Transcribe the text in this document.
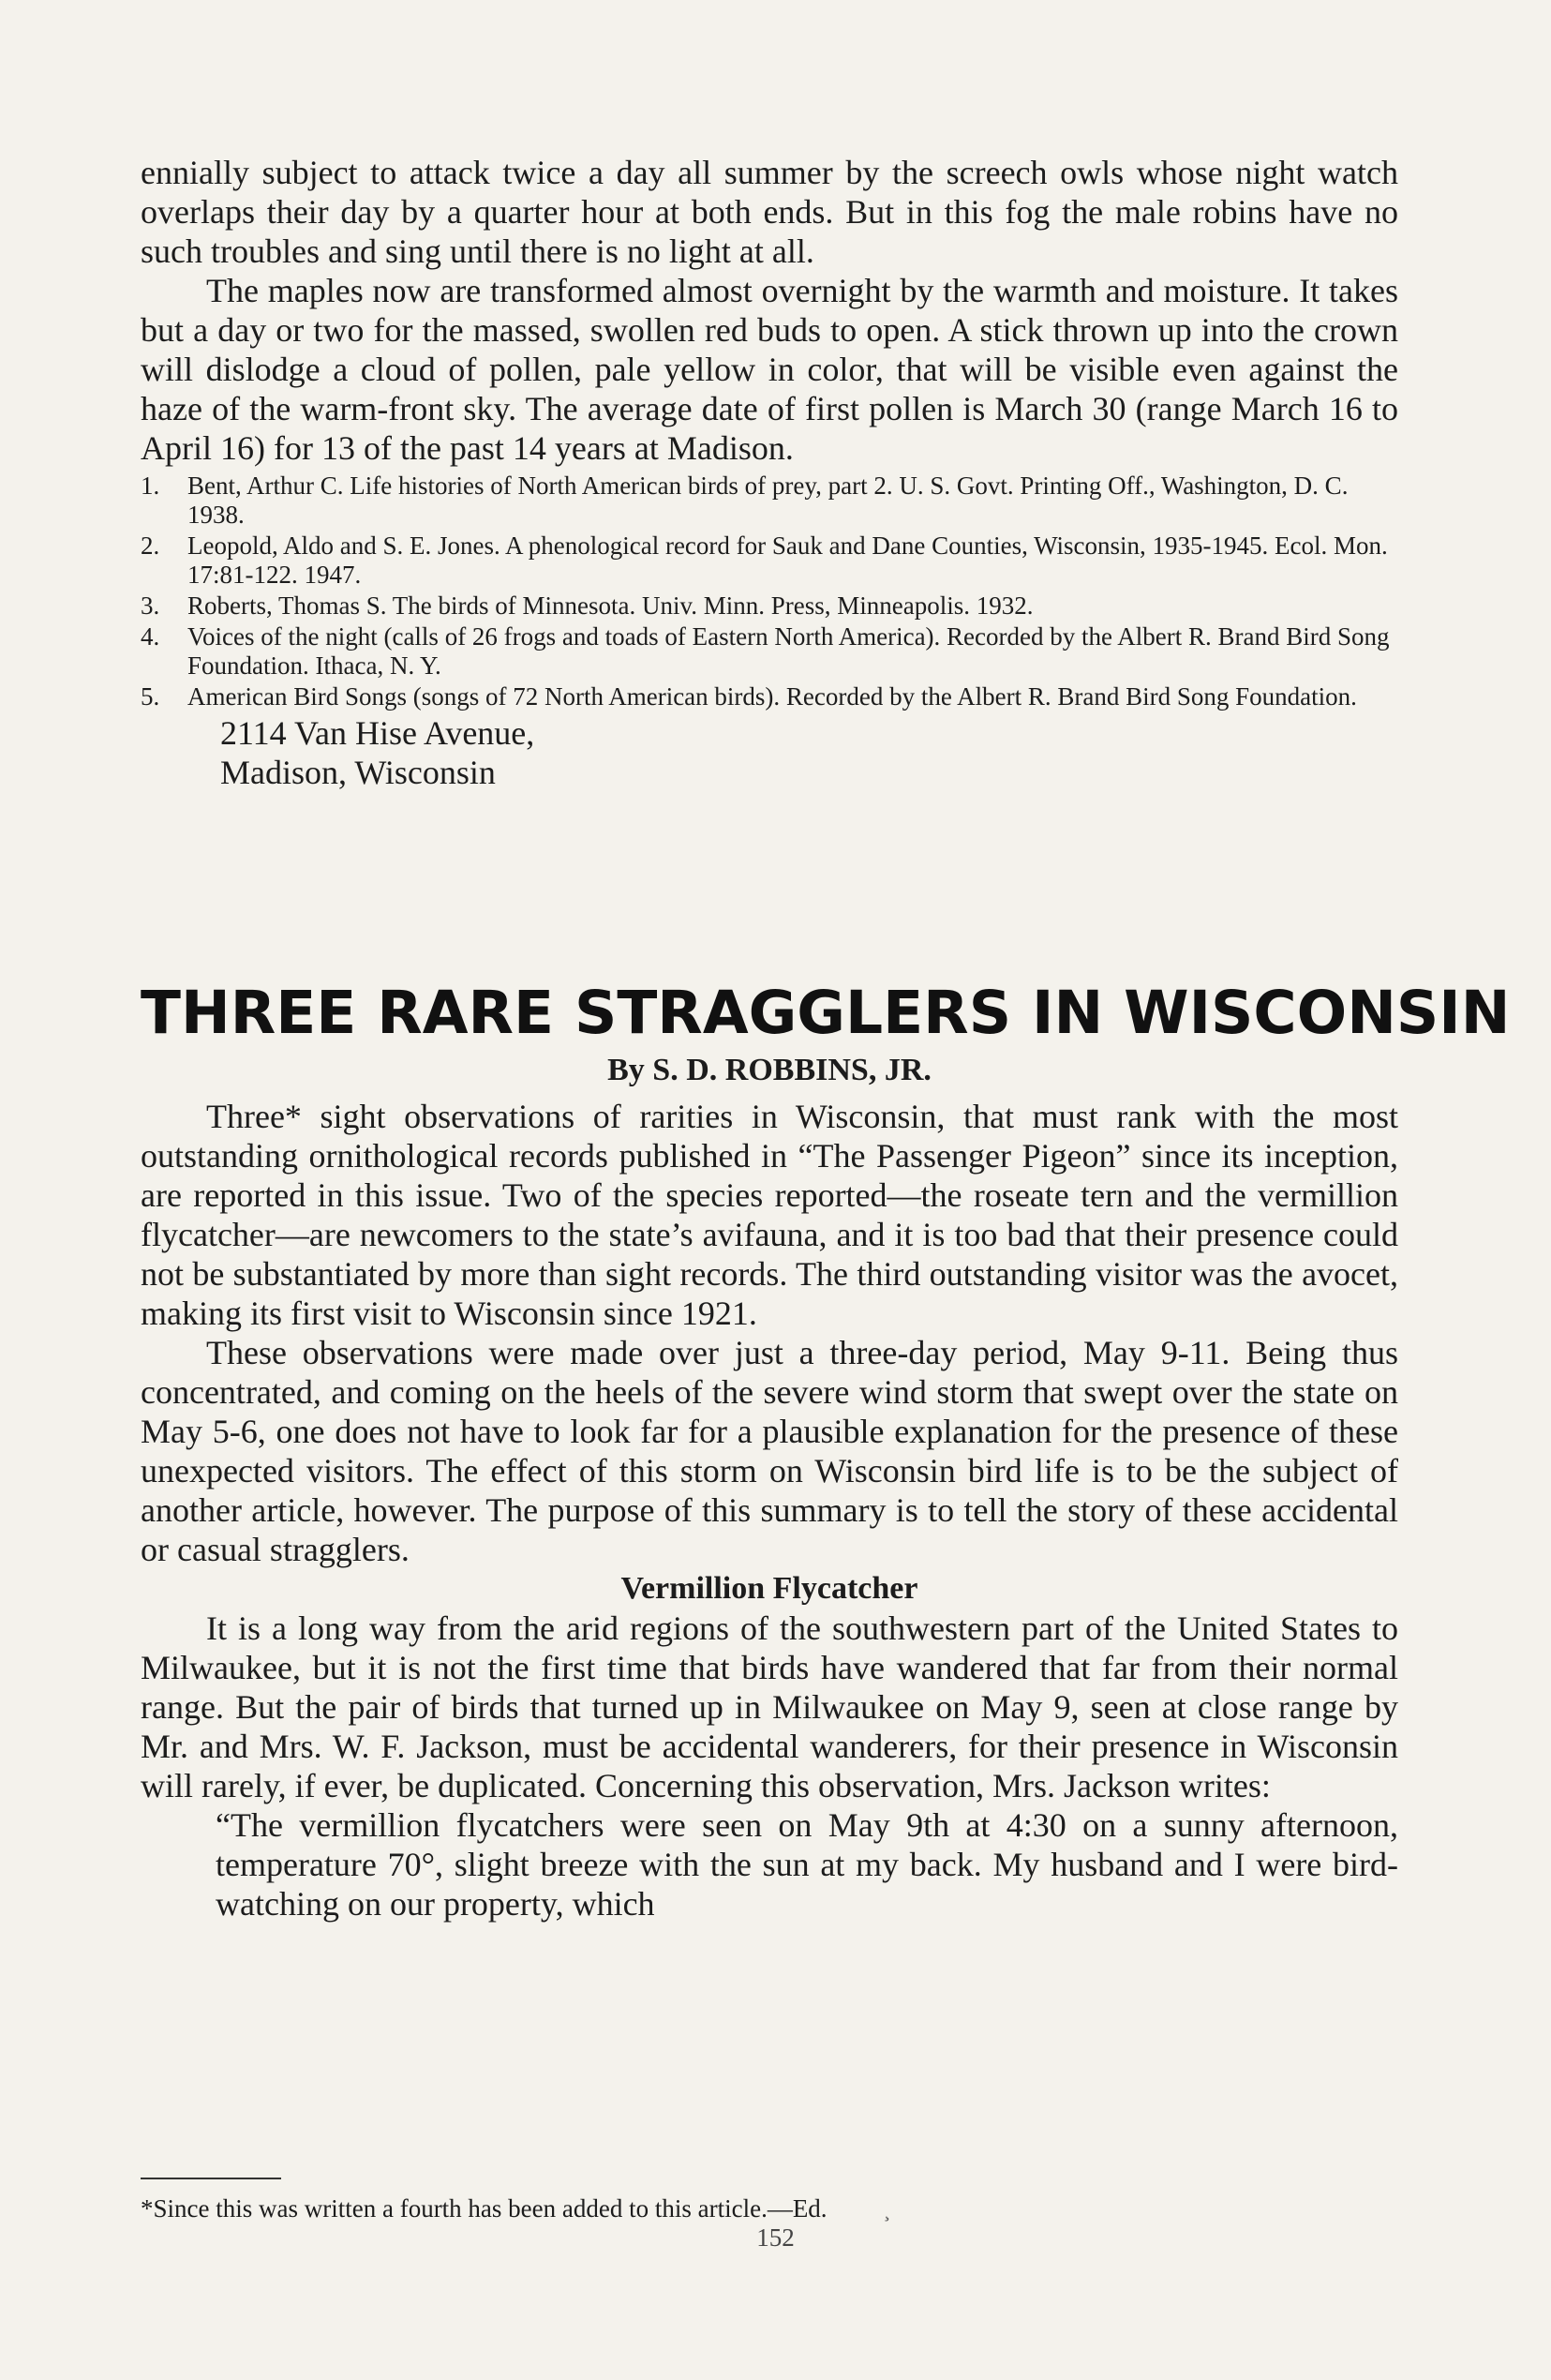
ennially subject to attack twice a day all summer by the screech owls whose night watch overlaps their day by a quarter hour at both ends. But in this fog the male robins have no such troubles and sing until there is no light at all.

The maples now are transformed almost overnight by the warmth and moisture. It takes but a day or two for the massed, swollen red buds to open. A stick thrown up into the crown will dislodge a cloud of pollen, pale yellow in color, that will be visible even against the haze of the warm-front sky. The average date of first pollen is March 30 (range March 16 to April 16) for 13 of the past 14 years at Madison.

1. Bent, Arthur C. Life histories of North American birds of prey, part 2. U. S. Govt. Printing Off., Washington, D. C. 1938.
2. Leopold, Aldo and S. E. Jones. A phenological record for Sauk and Dane Counties, Wisconsin, 1935-1945. Ecol. Mon. 17:81-122. 1947.
3. Roberts, Thomas S. The birds of Minnesota. Univ. Minn. Press, Minneapolis. 1932.
4. Voices of the night (calls of 26 frogs and toads of Eastern North America). Recorded by the Albert R. Brand Bird Song Foundation. Ithaca, N. Y.
5. American Bird Songs (songs of 72 North American birds). Recorded by the Albert R. Brand Bird Song Foundation.
2114 Van Hise Avenue,
Madison, Wisconsin
THREE RARE STRAGGLERS IN WISCONSIN
By S. D. ROBBINS, JR.

Three* sight observations of rarities in Wisconsin, that must rank with the most outstanding ornithological records published in “The Passenger Pigeon” since its inception, are reported in this issue. Two of the species reported—the roseate tern and the vermillion flycatcher—are newcomers to the state’s avifauna, and it is too bad that their presence could not be substantiated by more than sight records. The third outstanding visitor was the avocet, making its first visit to Wisconsin since 1921.

These observations were made over just a three-day period, May 9-11. Being thus concentrated, and coming on the heels of the severe wind storm that swept over the state on May 5-6, one does not have to look far for a plausible explanation for the presence of these unexpected visitors. The effect of this storm on Wisconsin bird life is to be the subject of another article, however. The purpose of this summary is to tell the story of these accidental or casual stragglers.

Vermillion Flycatcher

It is a long way from the arid regions of the southwestern part of the United States to Milwaukee, but it is not the first time that birds have wandered that far from their normal range. But the pair of birds that turned up in Milwaukee on May 9, seen at close range by Mr. and Mrs. W. F. Jackson, must be accidental wanderers, for their presence in Wisconsin will rarely, if ever, be duplicated. Concerning this observation, Mrs. Jackson writes:

“The vermillion flycatchers were seen on May 9th at 4:30 on a sunny afternoon, temperature 70°, slight breeze with the sun at my back. My husband and I were bird-watching on our property, which

*Since this was written a fourth has been added to this article.—Ed.	¸
152
